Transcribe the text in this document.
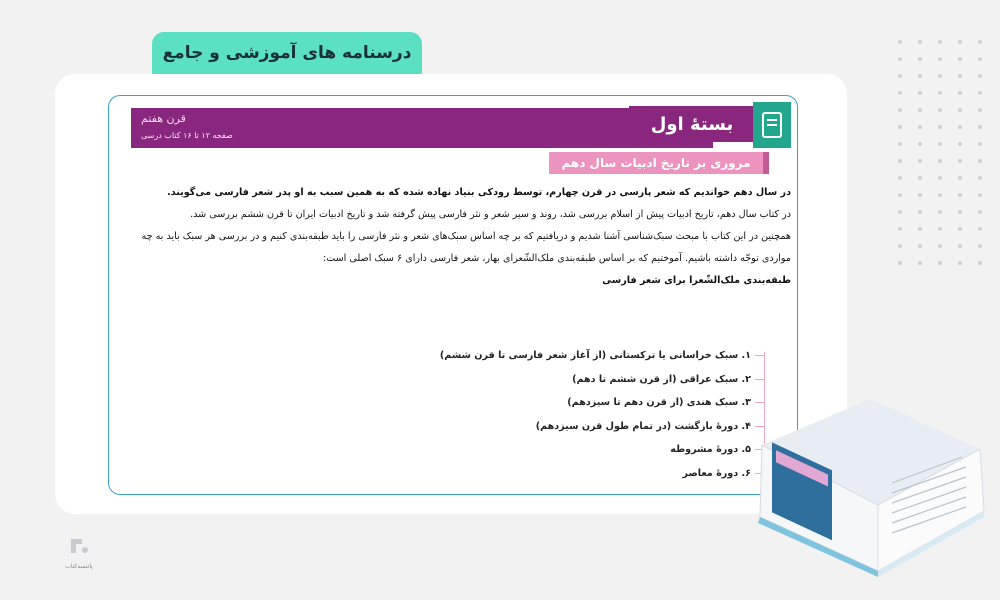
درسنامه های آموزشی و جامع
قرن هفتم
صفحه ۱۲ تا ۱۶ کتاب درسی
بستهٔ اول
مروری بر تاریخ ادبیات سال دهم

در سال دهم خواندیم که شعر پارسی در قرن چهارم، توسط رودکی بنیاد نهاده شده که به همین سبب به او پدر شعر فارسی می‌گویند.

در کتاب سال دهم، تاریخ ادبیات پیش از اسلام بررسی شد، روند و سیر شعر و نثر فارسی پیش گرفته شد و تاریخ ادبیات ایران تا قرن ششم بررسی شد.

همچنین در این کتاب با مبحث سبک‌شناسی آشنا شدیم و دریافتیم که بر چه اساس سبک‌های شعر و نثر فارسی را باید طبقه‌بندی کنیم و در بررسی هر سبک باید به چه مواردی توجّه داشته باشیم. آموختیم که بر اساس طبقه‌بندی ملک‌الشّعرای بهار، شعر فارسی دارای ۶ سبک اصلی است:

طبقه‌بندی ملک‌الشّعرا برای شعر فارسی

۱. سبک خراسانی یا ترکستانی (از آغاز شعر فارسی تا قرن ششم)
۲. سبک عراقی (از قرن ششم تا دهم)
۳. سبک هندی (از قرن دهم تا سیزدهم)
۴. دورهٔ بازگشت (در تمام طول قرن سیزدهم)
۵. دورهٔ مشروطه
۶. دورهٔ معاصر
پاتنسه‌کتاب
